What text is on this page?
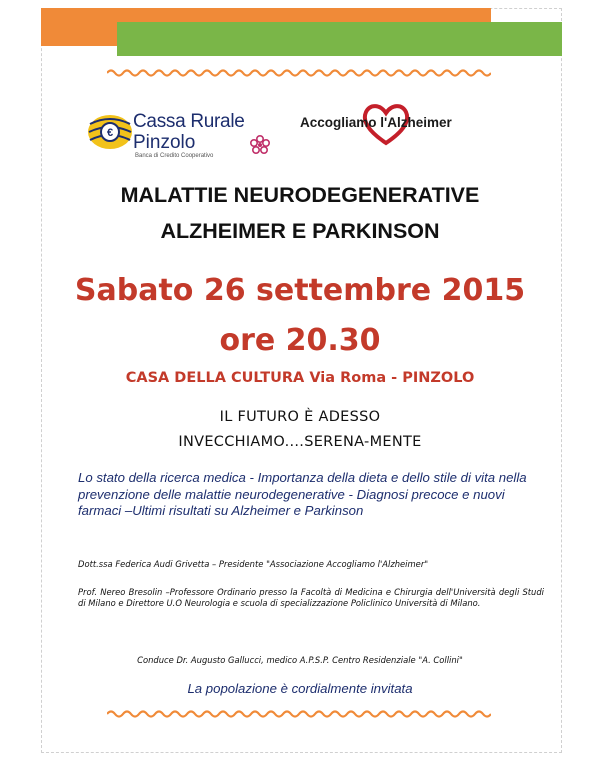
€
Cassa Rurale
Pinzolo
Banca di Credito Cooperativo
Accogliamo l'Alzheimer
MALATTIE NEURODEGENERATIVE
ALZHEIMER E PARKINSON
Sabato 26 settembre 2015
ore 20.30
CASA DELLA CULTURA Via Roma - PINZOLO
IL FUTURO È ADESSO
INVECCHIAMO....SERENA-MENTE
Lo stato della ricerca medica - Importanza della dieta e dello stile di vita nella prevenzione delle malattie neurodegenerative - Diagnosi precoce e nuovi farmaci –Ultimi risultati su Alzheimer e Parkinson
Dott.ssa Federica Audi Grivetta – Presidente "Associazione Accogliamo l'Alzheimer"
Prof. Nereo Bresolin –Professore Ordinario presso la Facoltà di Medicina e Chirurgia dell'Università degli Studi di Milano e Direttore U.O Neurologia e scuola di specializzazione Policlinico Università di Milano.
Conduce Dr. Augusto Gallucci, medico A.P.S.P. Centro Residenziale "A. Collini"
La popolazione è cordialmente invitata
